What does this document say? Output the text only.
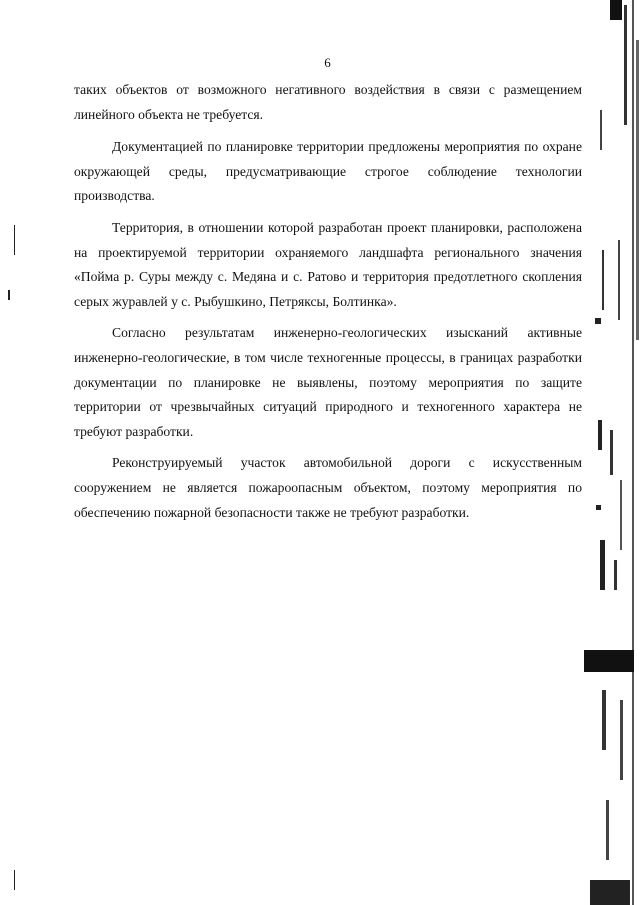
6

таких объектов от возможного негативного воздействия в связи с размещением линейного объекта не требуется.

Документацией по планировке территории предложены мероприятия по охране окружающей среды, предусматривающие строгое соблюдение технологии производства.

Территория, в отношении которой разработан проект планировки, расположена на проектируемой территории охраняемого ландшафта регионального значения «Пойма р. Суры между с. Медяна и с. Ратово и территория предотлетного скопления серых журавлей у с. Рыбушкино, Петряксы, Болтинка».

Согласно результатам инженерно-геологических изысканий активные инженерно-геологические, в том числе техногенные процессы, в границах разработки документации по планировке не выявлены, поэтому мероприятия по защите территории от чрезвычайных ситуаций природного и техногенного характера не требуют разработки.

Реконструируемый участок автомобильной дороги с искусственным сооружением не является пожароопасным объектом, поэтому мероприятия по обеспечению пожарной безопасности также не требуют разработки.
